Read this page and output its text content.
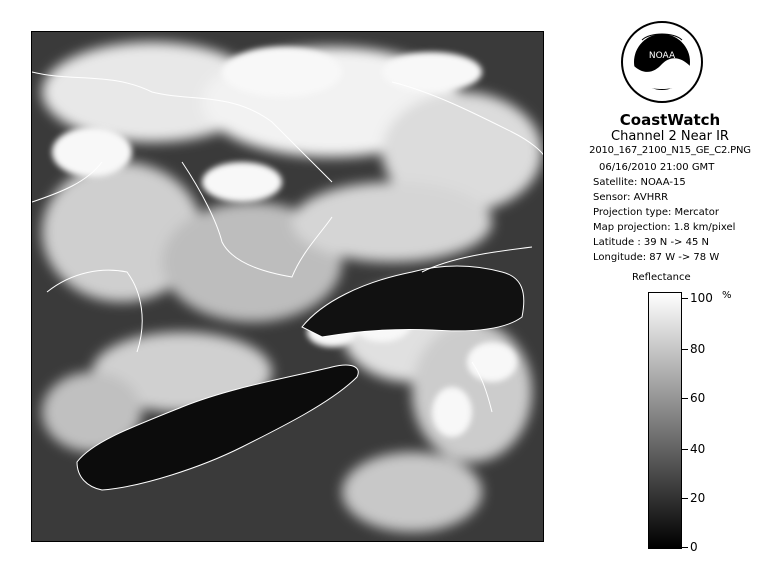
NOAA
CoastWatch
Channel 2 Near IR
2010_167_2100_N15_GE_C2.PNG
06/16/2010 21:00 GMT
Satellite: NOAA-15
Sensor: AVHRR
Projection type: Mercator
Map projection: 1.8 km/pixel
Latitude : 39 N -> 45 N
Longitude: 87 W -> 78 W
Reflectance
%
100
80
60
40
20
0
